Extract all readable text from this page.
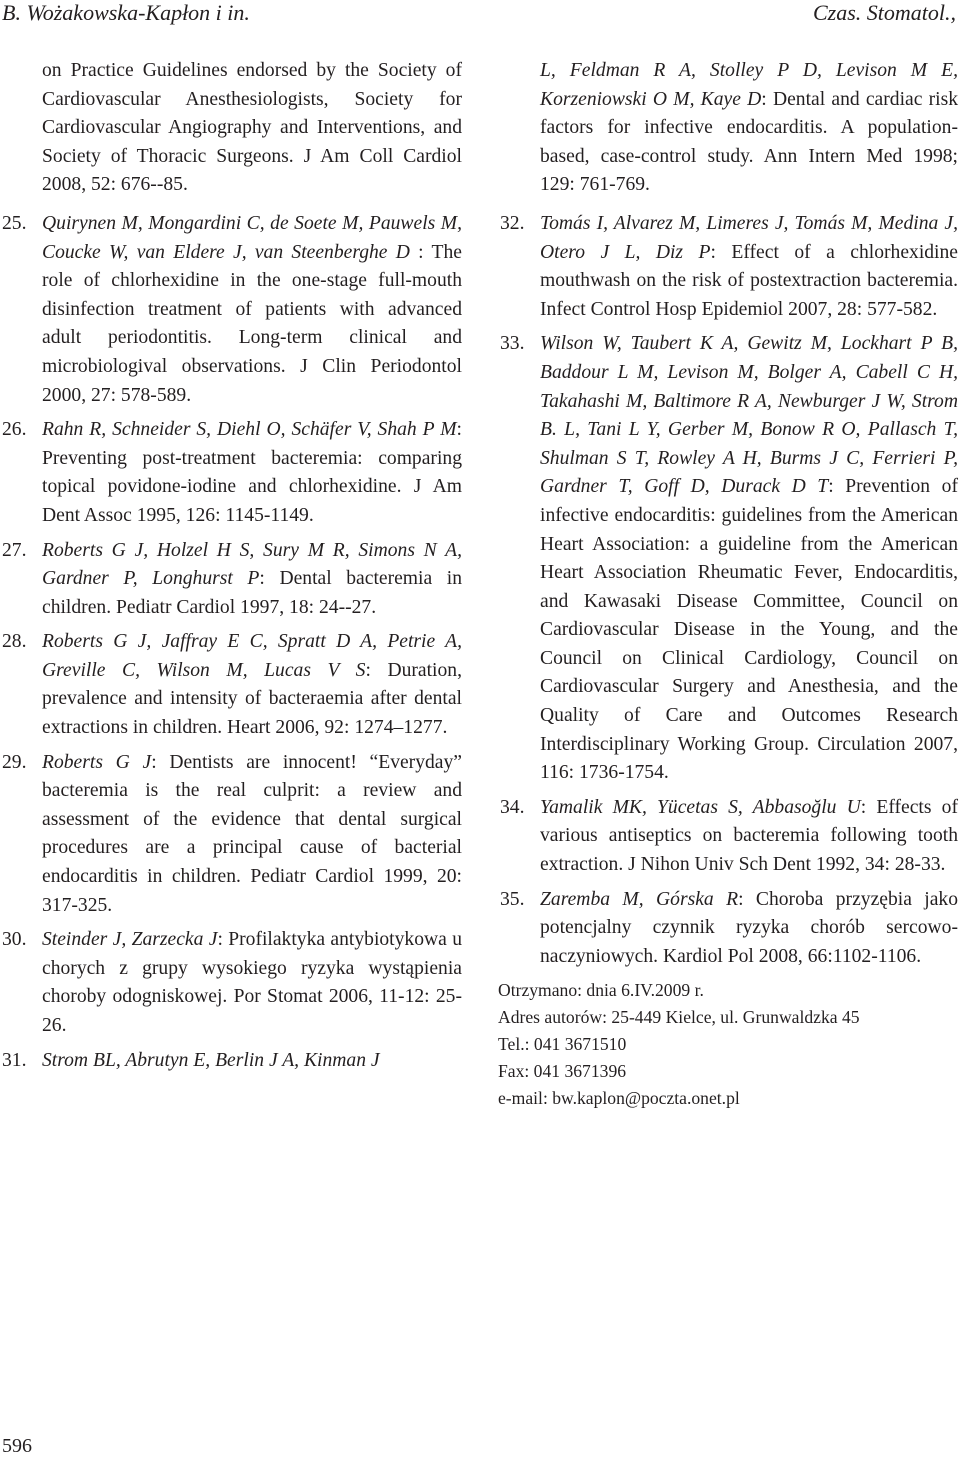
B. Wożakowska-Kapłon i in.	Czas. Stomatol.,
on Practice Guidelines endorsed by the Society of Cardiovascular Anesthesiologists, Society for Cardiovascular Angiography and Interventions, and Society of Thoracic Surgeons. J Am Coll Cardiol 2008, 52: 676--85.
25. Quirynen M, Mongardini C, de Soete M, Pauwels M, Coucke W, van Eldere J, van Steenberghe D : The role of chlorhexidine in the one-stage full-mouth disinfection treatment of patients with advanced adult periodontitis. Long-term clinical and microbiologival observations. J Clin Periodontol 2000, 27: 578-589.
26. Rahn R, Schneider S, Diehl O, Schäfer V, Shah P M: Preventing post-treatment bacteremia: comparing topical povidone-iodine and chlorhexidine. J Am Dent Assoc 1995, 126: 1145-1149.
27. Roberts G J, Holzel H S, Sury M R, Simons N A, Gardner P, Longhurst P: Dental bacteremia in children. Pediatr Cardiol 1997, 18: 24--27.
28. Roberts G J, Jaffray E C, Spratt D A, Petrie A, Greville C, Wilson M, Lucas V S: Duration, prevalence and intensity of bacteraemia after dental extractions in children. Heart 2006, 92: 1274–1277.
29. Roberts G J: Dentists are innocent! “Everyday” bacteremia is the real culprit: a review and assessment of the evidence that dental surgical procedures are a principal cause of bacterial endocarditis in children. Pediatr Cardiol 1999, 20: 317-325.
30. Steinder J, Zarzecka J: Profilaktyka antybiotykowa u chorych z grupy wysokiego ryzyka wystąpienia choroby odogniskowej. Por Stomat 2006, 11-12: 25-26.
31. Strom BL, Abrutyn E, Berlin J A, Kinman J
L, Feldman R A, Stolley P D, Levison M E, Korzeniowski O M, Kaye D: Dental and cardiac risk factors for infective endocarditis. A population-based, case-control study. Ann Intern Med 1998; 129: 761-769.
32. Tomás I, Alvarez M, Limeres J, Tomás M, Medina J, Otero J L, Diz P: Effect of a chlorhexidine mouthwash on the risk of postextraction bacteremia. Infect Control Hosp Epidemiol 2007, 28: 577-582.
33. Wilson W, Taubert K A, Gewitz M, Lockhart P B, Baddour L M, Levison M, Bolger A, Cabell C H, Takahashi M, Baltimore R A, Newburger J W, Strom B. L, Tani L Y, Gerber M, Bonow R O, Pallasch T, Shulman S T, Rowley A H, Burms J C, Ferrieri P, Gardner T, Goff D, Durack D T: Prevention of infective endocarditis: guidelines from the American Heart Association: a guideline from the American Heart Association Rheumatic Fever, Endocarditis, and Kawasaki Disease Committee, Council on Cardiovascular Disease in the Young, and the Council on Clinical Cardiology, Council on Cardiovascular Surgery and Anesthesia, and the Quality of Care and Outcomes Research Interdisciplinary Working Group. Circulation 2007, 116: 1736-1754.
34. Yamalik MK, Yücetas S, Abbasoğlu U: Effects of various antiseptics on bacteremia following tooth extraction. J Nihon Univ Sch Dent 1992, 34: 28-33.
35. Zaremba M, Górska R: Choroba przyzębia jako potencjalny czynnik ryzyka chorób sercowo-naczyniowych. Kardiol Pol 2008, 66:1102-1106.
Otrzymano: dnia 6.IV.2009 r.
Adres autorów: 25-449 Kielce, ul. Grunwaldzka 45
Tel.: 041 3671510
Fax: 041 3671396
e-mail: bw.kaplon@poczta.onet.pl
596
